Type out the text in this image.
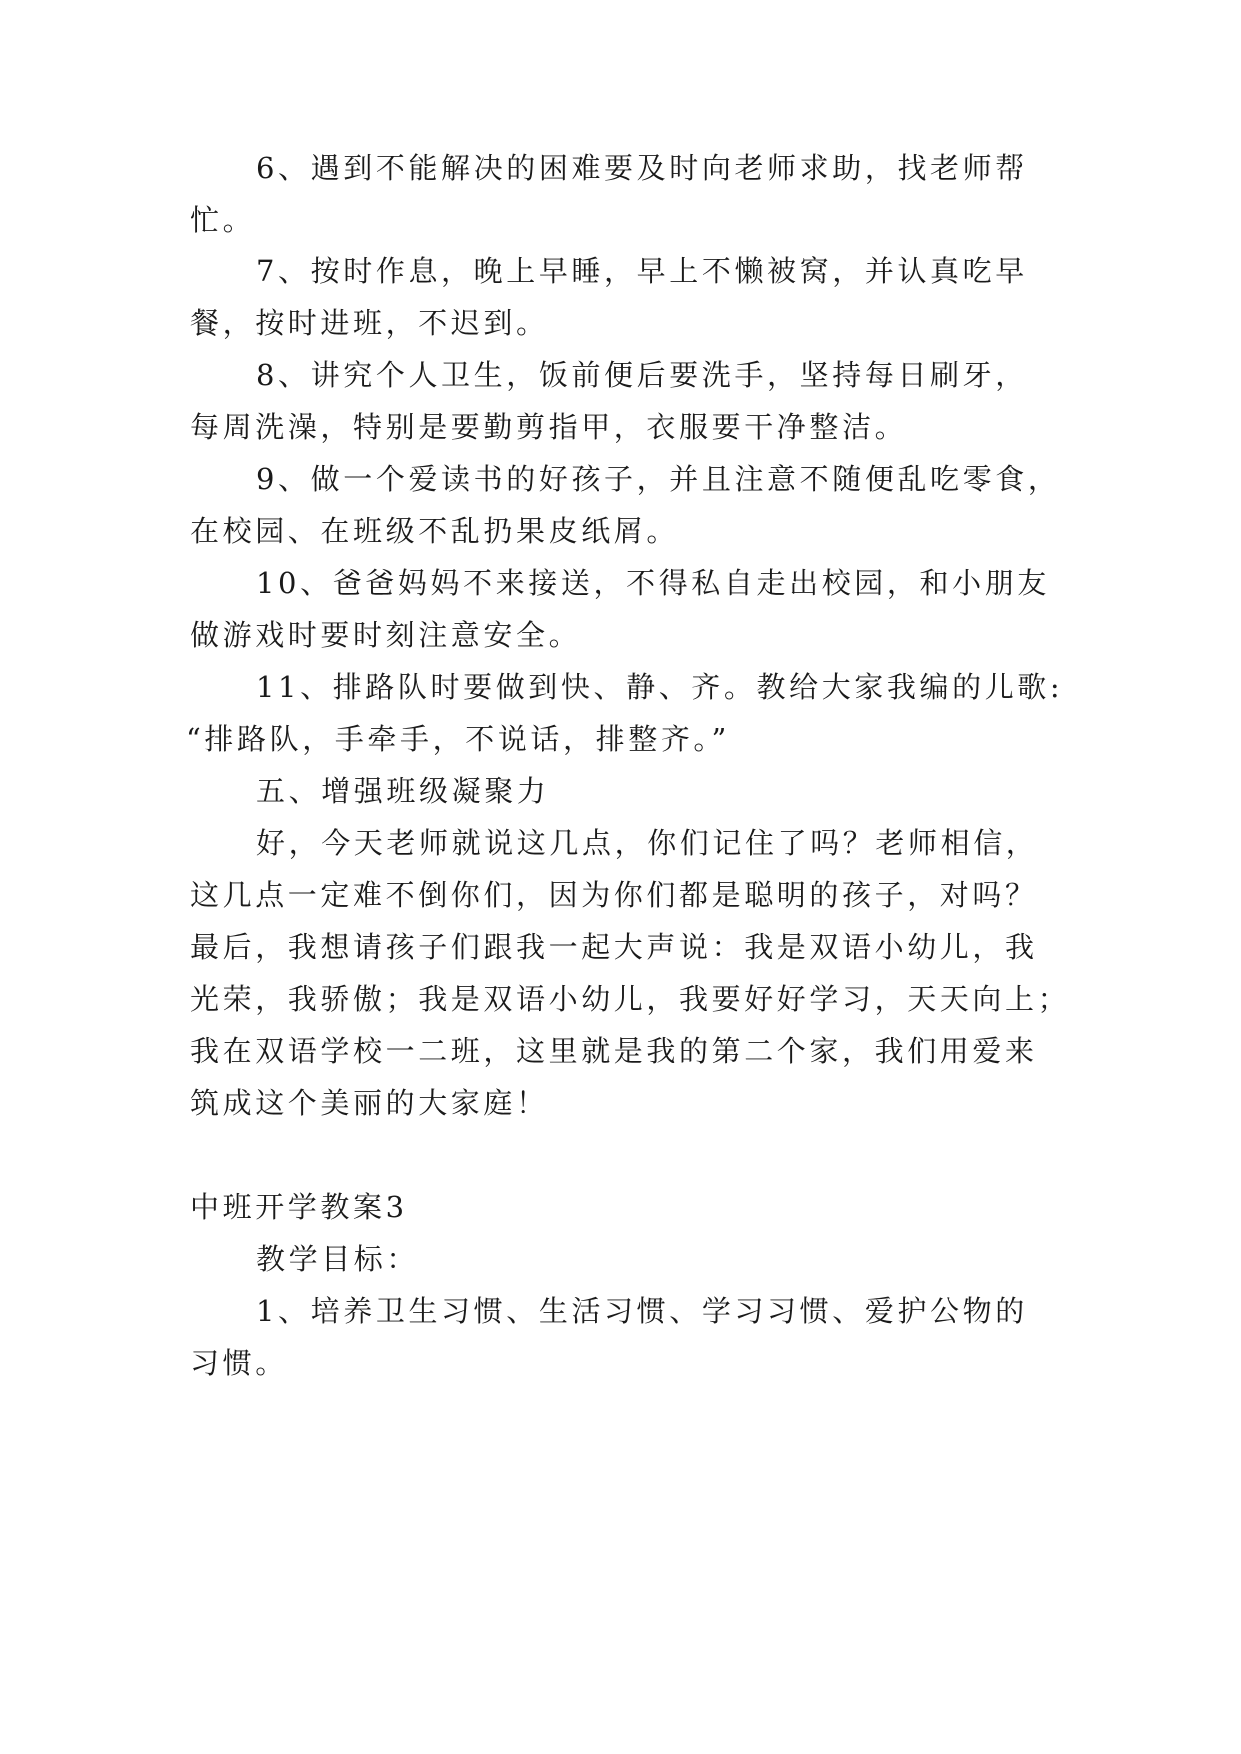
6、遇到不能解决的困难要及时向老师求助，找老师帮
忙。
7、按时作息，晚上早睡，早上不懒被窝，并认真吃早
餐，按时进班，不迟到。
8、讲究个人卫生，饭前便后要洗手，坚持每日刷牙，
每周洗澡，特别是要勤剪指甲，衣服要干净整洁。
9、做一个爱读书的好孩子，并且注意不随便乱吃零食，
在校园、在班级不乱扔果皮纸屑。
10、爸爸妈妈不来接送，不得私自走出校园，和小朋友
做游戏时要时刻注意安全。
11、排路队时要做到快、静、齐。教给大家我编的儿歌:
“排路队，手牵手，不说话，排整齐。”
五、增强班级凝聚力
好，今天老师就说这几点，你们记住了吗？老师相信，
这几点一定难不倒你们，因为你们都是聪明的孩子，对吗？
最后，我想请孩子们跟我一起大声说：我是双语小幼儿，我
光荣，我骄傲；我是双语小幼儿，我要好好学习，天天向上；
我在双语学校一二班，这里就是我的第二个家，我们用爱来
筑成这个美丽的大家庭！
中班开学教案3
教学目标：
1、培养卫生习惯、生活习惯、学习习惯、爱护公物的
习惯。
